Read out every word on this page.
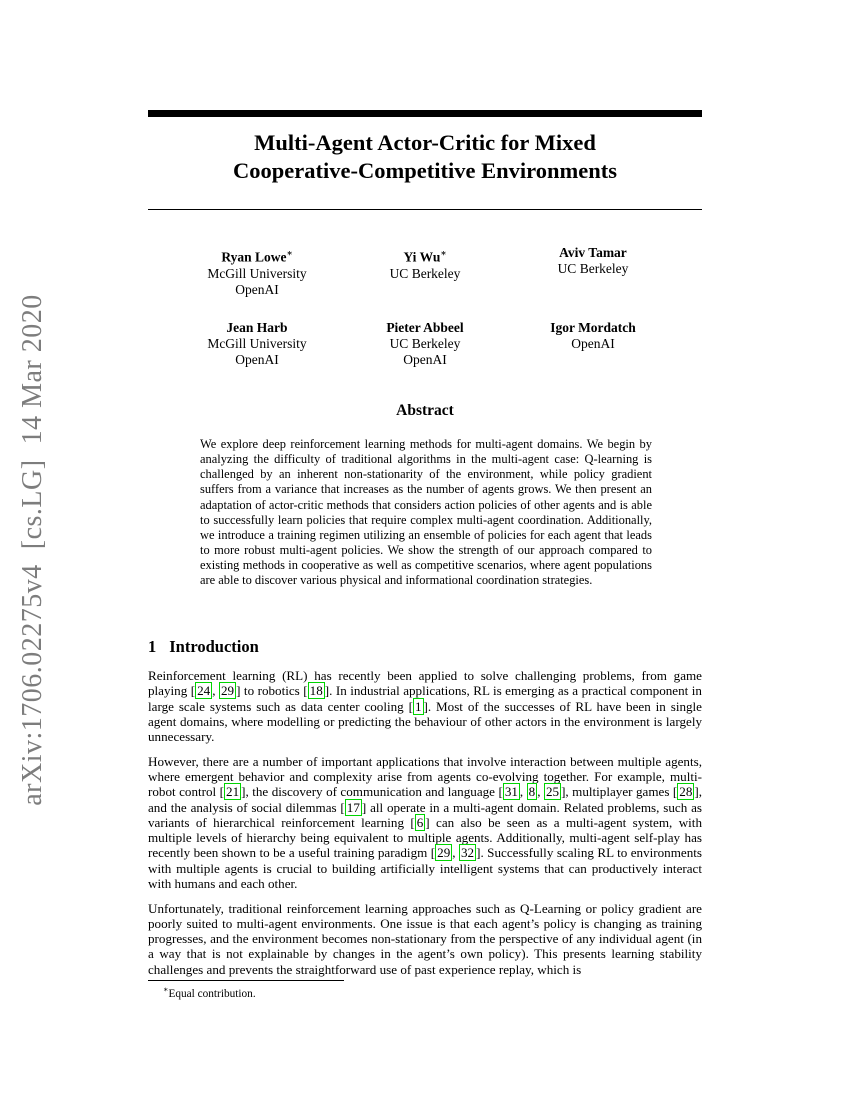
arXiv:1706.02275v4  [cs.LG]  14 Mar 2020
Multi-Agent Actor-Critic for Mixed
Cooperative-Competitive Environments
Ryan Lowe∗
McGill University
OpenAI
Yi Wu∗
UC Berkeley
Aviv Tamar
UC Berkeley
Jean Harb
McGill University
OpenAI
Pieter Abbeel
UC Berkeley
OpenAI
Igor Mordatch
OpenAI
Abstract
We explore deep reinforcement learning methods for multi-agent domains. We begin by analyzing the difficulty of traditional algorithms in the multi-agent case: Q-learning is challenged by an inherent non-stationarity of the environment, while policy gradient suffers from a variance that increases as the number of agents grows. We then present an adaptation of actor-critic methods that considers action policies of other agents and is able to successfully learn policies that require complex multi-agent coordination. Additionally, we introduce a training regimen utilizing an ensemble of policies for each agent that leads to more robust multi-agent policies. We show the strength of our approach compared to existing methods in cooperative as well as competitive scenarios, where agent populations are able to discover various physical and informational coordination strategies.
1 Introduction

Reinforcement learning (RL) has recently been applied to solve challenging problems, from game playing [ 24 , 29 ] to robotics [ 18 ]. In industrial applications, RL is emerging as a practical component in large scale systems such as data center cooling [ 1 ]. Most of the successes of RL have been in single agent domains, where modelling or predicting the behaviour of other actors in the environment is largely unnecessary.

However, there are a number of important applications that involve interaction between multiple agents, where emergent behavior and complexity arise from agents co-evolving together. For example, multi-robot control [ 21 ], the discovery of communication and language [ 31 , 8 , 25 ], multiplayer games [ 28 ], and the analysis of social dilemmas [ 17 ] all operate in a multi-agent domain. Related problems, such as variants of hierarchical reinforcement learning [ 6 ] can also be seen as a multi-agent system, with multiple levels of hierarchy being equivalent to multiple agents. Additionally, multi-agent self-play has recently been shown to be a useful training paradigm [ 29 , 32 ]. Successfully scaling RL to environments with multiple agents is crucial to building artificially intelligent systems that can productively interact with humans and each other.

Unfortunately, traditional reinforcement learning approaches such as Q-Learning or policy gradient are poorly suited to multi-agent environments. One issue is that each agent’s policy is changing as training progresses, and the environment becomes non-stationary from the perspective of any individual agent (in a way that is not explainable by changes in the agent’s own policy). This presents learning stability challenges and prevents the straightforward use of past experience replay, which is

∗Equal contribution.
